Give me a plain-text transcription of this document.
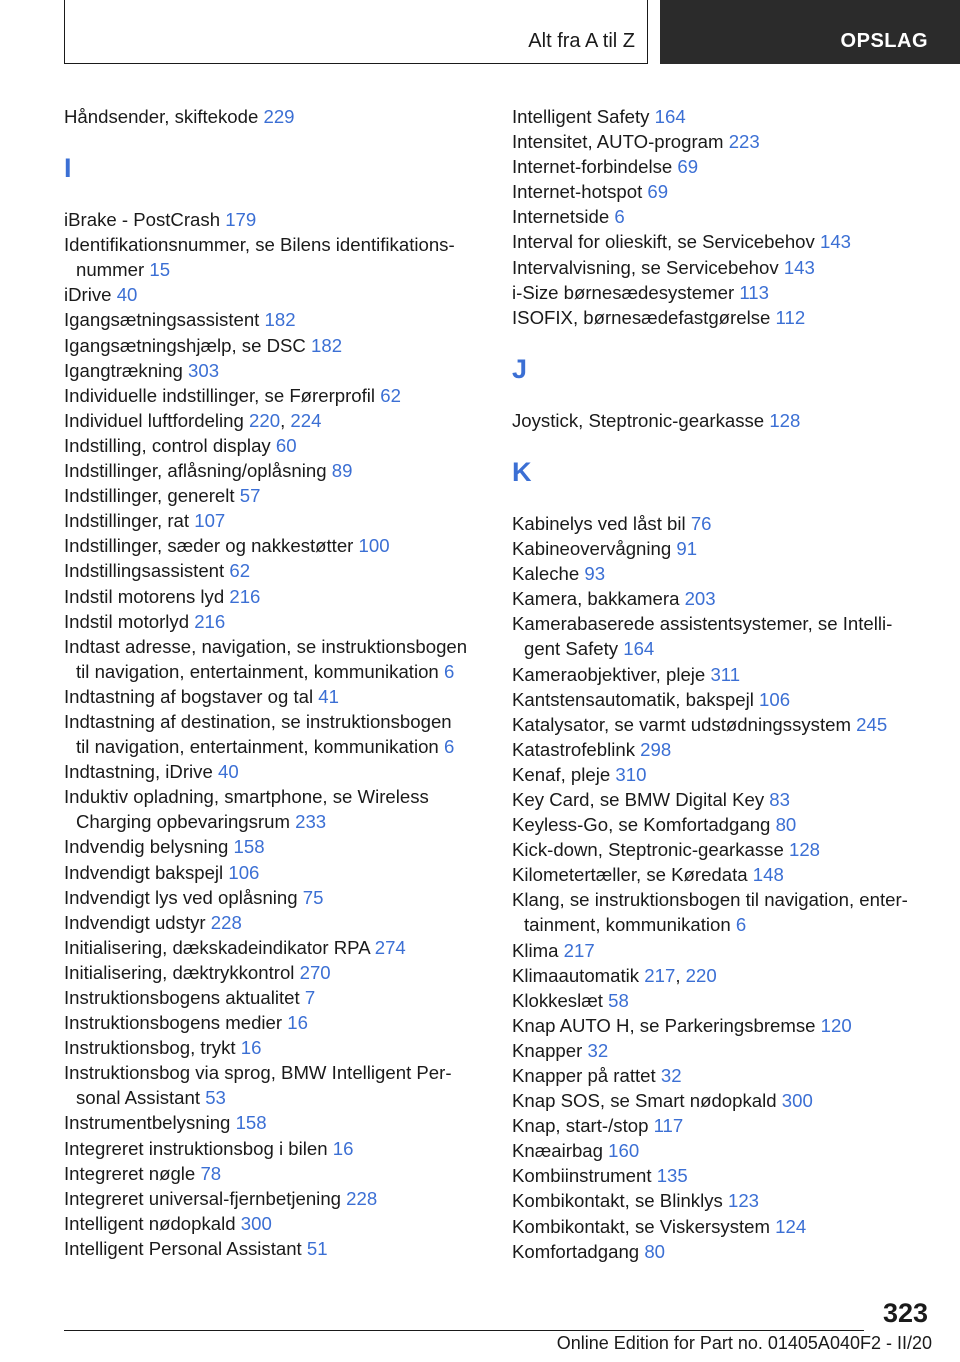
Alt fra A til Z	OPSLAG
Håndsender, skiftekode 229
I
iBrake - PostCrash 179
Identifikationsnummer, se Bilens identifikations-
nummer 15
iDrive 40
Igangsætningsassistent 182
Igangsætningshjælp, se DSC 182
Igangtrækning 303
Individuelle indstillinger, se Førerprofil 62
Individuel luftfordeling 220, 224
Indstilling, control display 60
Indstillinger, aflåsning/oplåsning 89
Indstillinger, generelt 57
Indstillinger, rat 107
Indstillinger, sæder og nakkestøtter 100
Indstillingsassistent 62
Indstil motorens lyd 216
Indstil motorlyd 216
Indtast adresse, navigation, se instruktionsbogen
til navigation, entertainment, kommunikation 6
Indtastning af bogstaver og tal 41
Indtastning af destination, se instruktionsbogen
til navigation, entertainment, kommunikation 6
Indtastning, iDrive 40
Induktiv opladning, smartphone, se Wireless
Charging opbevaringsrum 233
Indvendig belysning 158
Indvendigt bakspejl 106
Indvendigt lys ved oplåsning 75
Indvendigt udstyr 228
Initialisering, dækskadeindikator RPA 274
Initialisering, dæktrykkontrol 270
Instruktionsbogens aktualitet 7
Instruktionsbogens medier 16
Instruktionsbog, trykt 16
Instruktionsbog via sprog, BMW Intelligent Per-
sonal Assistant 53
Instrumentbelysning 158
Integreret instruktionsbog i bilen 16
Integreret nøgle 78
Integreret universal-fjernbetjening 228
Intelligent nødopkald 300
Intelligent Personal Assistant 51
Intelligent Safety 164
Intensitet, AUTO-program 223
Internet-forbindelse 69
Internet-hotspot 69
Internetside 6
Interval for olieskift, se Servicebehov 143
Intervalvisning, se Servicebehov 143
i-Size børnesædesystemer 113
ISOFIX, børnesædefastgørelse 112
J
Joystick, Steptronic-gearkasse 128
K
Kabinelys ved låst bil 76
Kabineovervågning 91
Kaleche 93
Kamera, bakkamera 203
Kamerabaserede assistentsystemer, se Intelli-
gent Safety 164
Kameraobjektiver, pleje 311
Kantstensautomatik, bakspejl 106
Katalysator, se varmt udstødningssystem 245
Katastrofeblink 298
Kenaf, pleje 310
Key Card, se BMW Digital Key 83
Keyless-Go, se Komfortadgang 80
Kick-down, Steptronic-gearkasse 128
Kilometertæller, se Køredata 148
Klang, se instruktionsbogen til navigation, enter-
tainment, kommunikation 6
Klima 217
Klimaautomatik 217, 220
Klokkeslæt 58
Knap AUTO H, se Parkeringsbremse 120
Knapper 32
Knapper på rattet 32
Knap SOS, se Smart nødopkald 300
Knap, start-/stop 117
Knæairbag 160
Kombiinstrument 135
Kombikontakt, se Blinklys 123
Kombikontakt, se Viskersystem 124
Komfortadgang 80
323
Online Edition for Part no. 01405A040F2 - II/20
